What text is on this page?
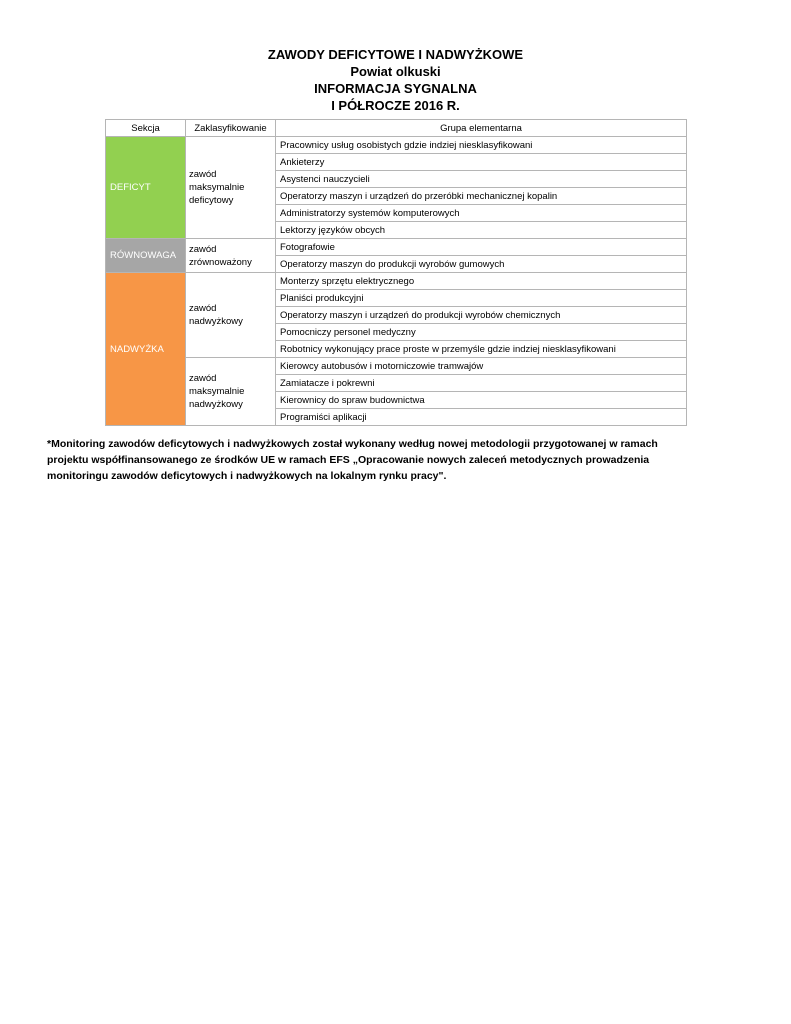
ZAWODY DEFICYTOWE I NADWYŻKOWE
Powiat olkuski
INFORMACJA SYGNALNA
I PÓŁROCZE 2016 R.
Sekcja	Zaklasyfikowanie	Grupa elementarna
DEFICYT	zawód maksymalnie deficytowy	Pracownicy usług osobistych gdzie indziej niesklasyfikowani
		Ankieterzy
		Asystenci nauczycieli
		Operatorzy maszyn i urządzeń do przeróbki mechanicznej kopalin
		Administratorzy systemów komputerowych
		Lektorzy języków obcych
RÓWNOWAGA	zawód zrównoważony	Fotografowie
		Operatorzy maszyn do produkcji wyrobów gumowych
NADWYŻKA	zawód nadwyżkowy	Monterzy sprzętu elektrycznego
		Planiści produkcyjni
		Operatorzy maszyn i urządzeń do produkcji wyrobów chemicznych
		Pomocniczy personel medyczny
		Robotnicy wykonujący prace proste w przemyśle gdzie indziej niesklasyfikowani
	zawód maksymalnie nadwyżkowy	Kierowcy autobusów i motorniczowie tramwajów
		Zamiatacze i pokrewni
		Kierownicy do spraw budownictwa
		Programiści aplikacji
*Monitoring zawodów deficytowych i nadwyżkowych został wykonany według nowej metodologii przygotowanej w ramach projektu współfinansowanego ze środków UE w ramach EFS „Opracowanie nowych zaleceń metodycznych prowadzenia monitoringu zawodów deficytowych i nadwyżkowych na lokalnym rynku pracy".
